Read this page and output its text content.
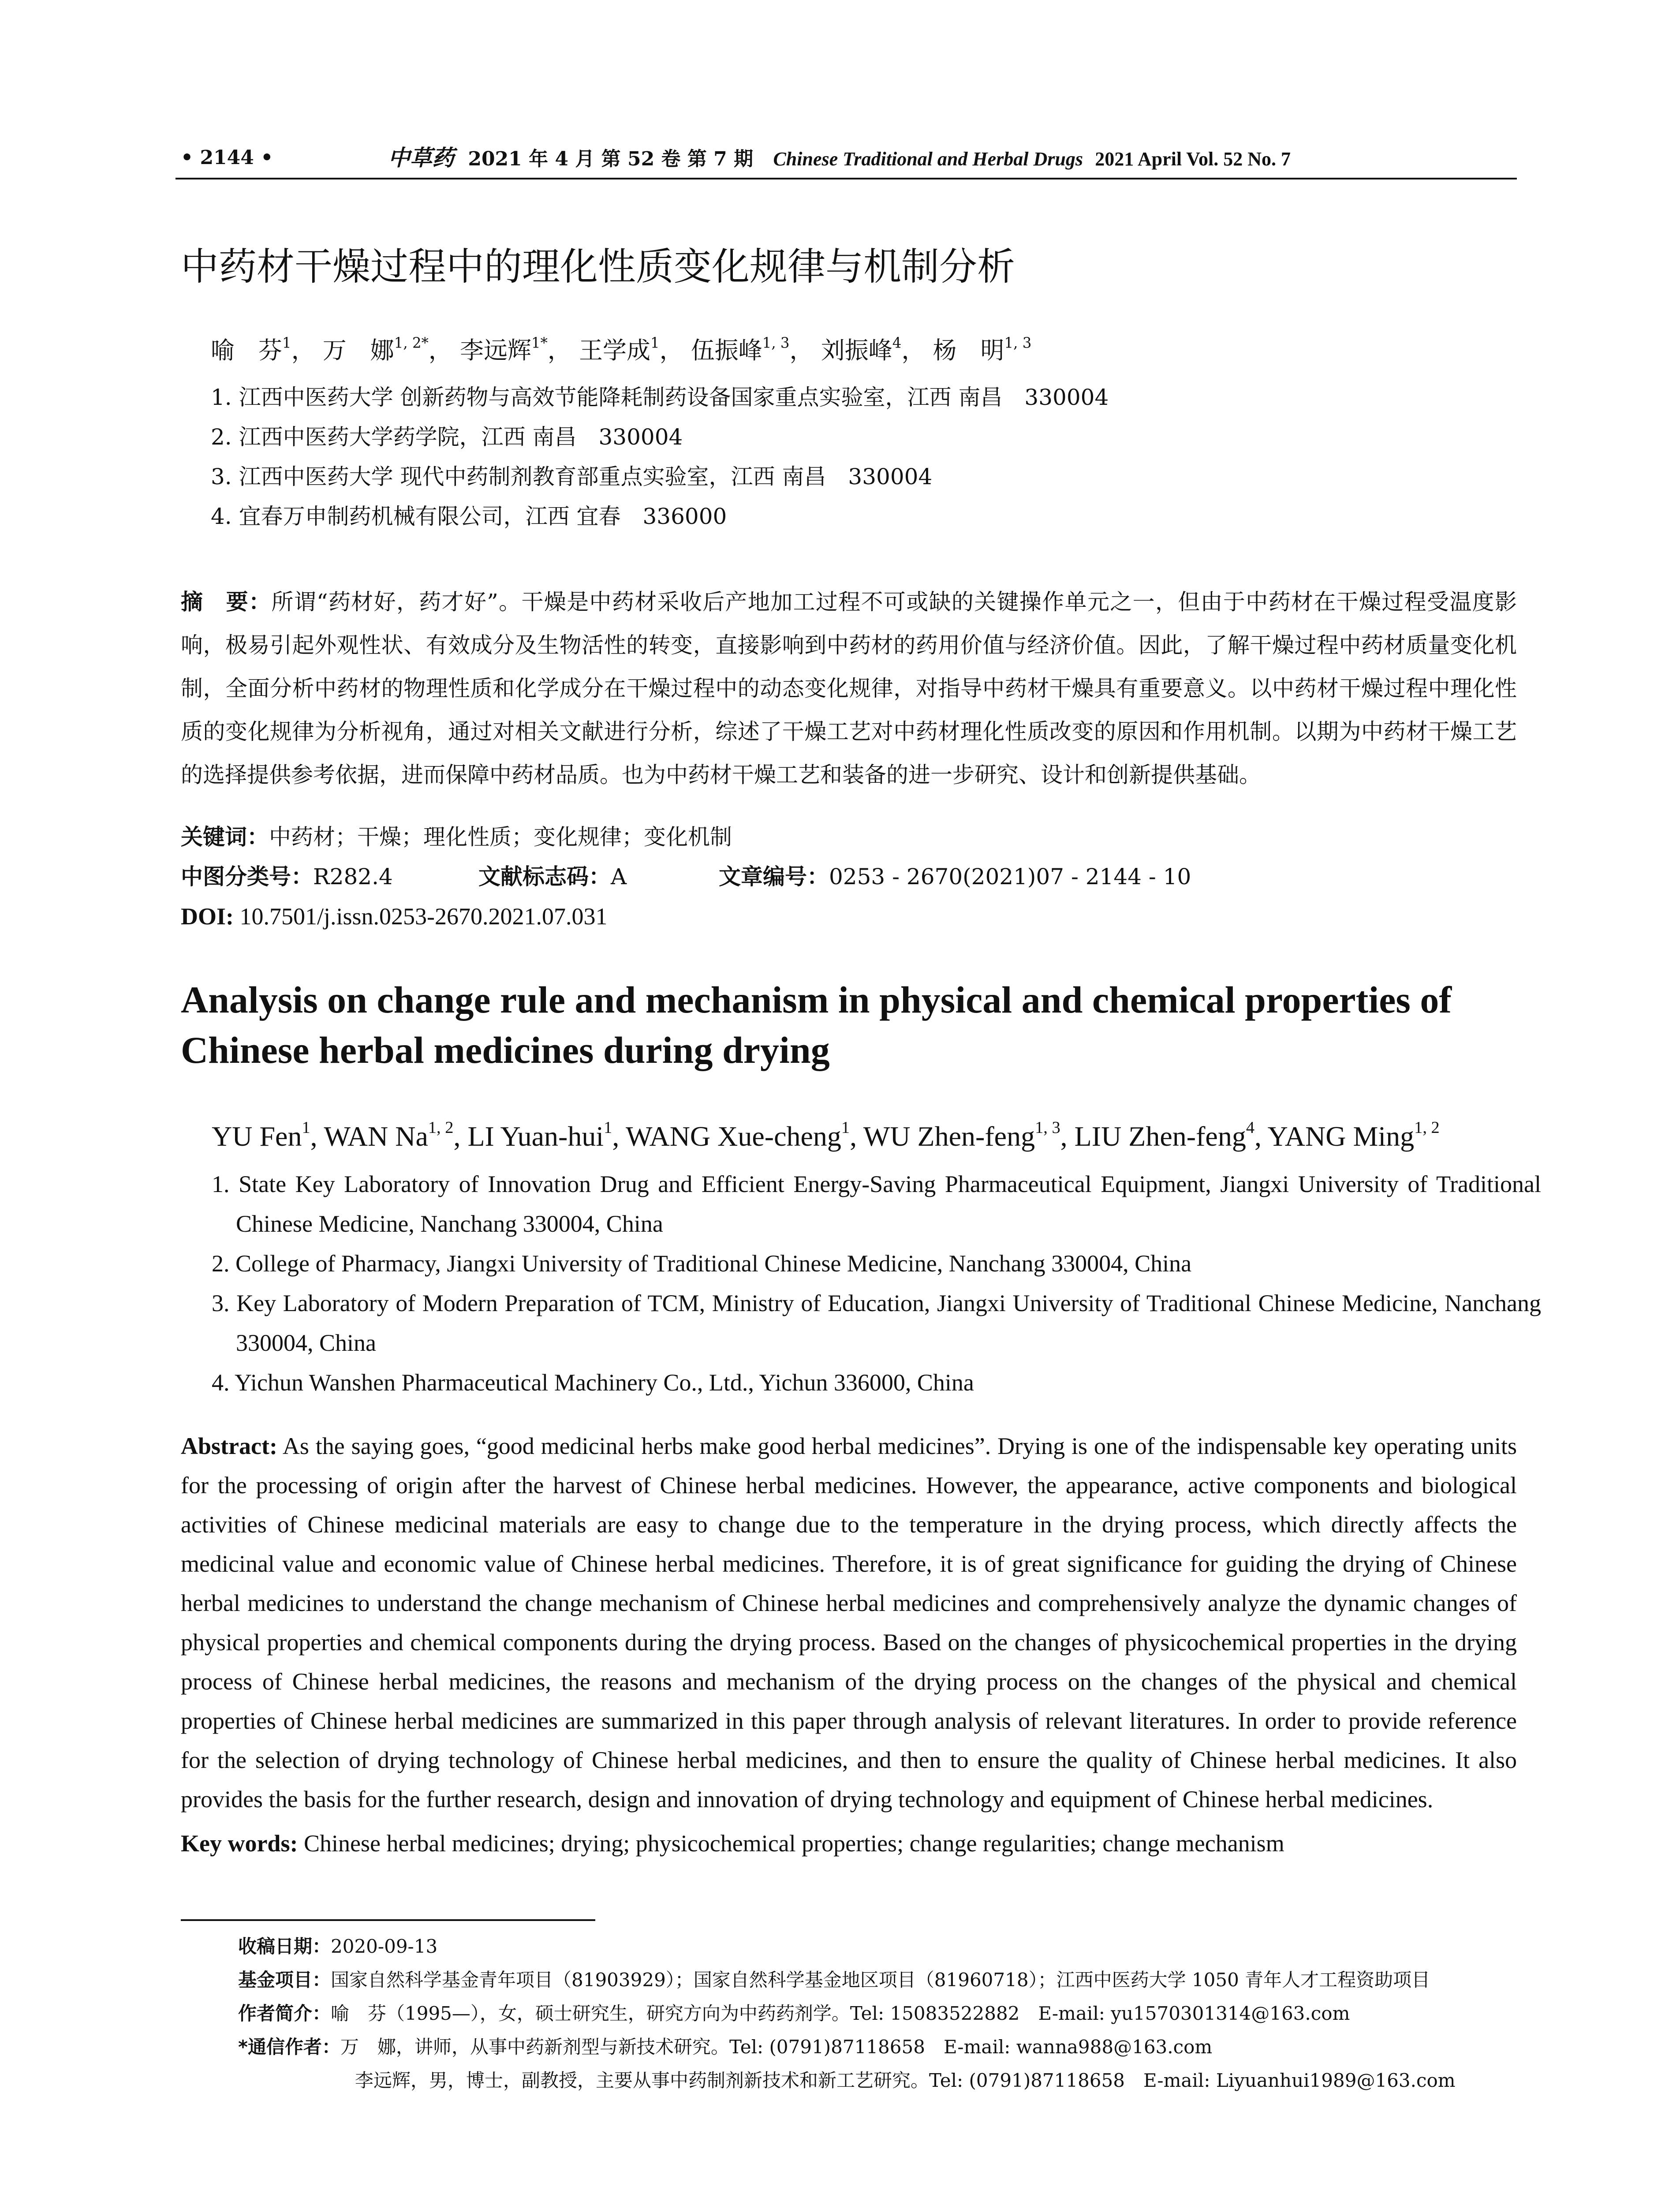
• 2144 •	中草药 2021 年 4 月 第 52 卷 第 7 期 Chinese Traditional and Herbal Drugs 2021 April Vol. 52 No. 7
中药材干燥过程中的理化性质变化规律与机制分析
喻　芬$^1$， 万　娜$^{1, 2*}$， 李远辉$^{1*}$， 王学成$^1$， 伍振峰$^{1, 3}$， 刘振峰$^4$， 杨　明$^{1, 3}$
1. 江西中医药大学 创新药物与高效节能降耗制药设备国家重点实验室，江西 南昌　330004
2. 江西中医药大学药学院，江西 南昌　330004
3. 江西中医药大学 现代中药制剂教育部重点实验室，江西 南昌　330004
4. 宜春万申制药机械有限公司，江西 宜春　336000
摘　要：所谓“药材好，药才好”。干燥是中药材采收后产地加工过程不可或缺的关键操作单元之一，但由于中药材在干燥过程受温度影响，极易引起外观性状、有效成分及生物活性的转变，直接影响到中药材的药用价值与经济价值。因此，了解干燥过程中药材质量变化机制，全面分析中药材的物理性质和化学成分在干燥过程中的动态变化规律，对指导中药材干燥具有重要意义。以中药材干燥过程中理化性质的变化规律为分析视角，通过对相关文献进行分析，综述了干燥工艺对中药材理化性质改变的原因和作用机制。以期为中药材干燥工艺的选择提供参考依据，进而保障中药材品质。也为中药材干燥工艺和装备的进一步研究、设计和创新提供基础。
关键词：中药材；干燥；理化性质；变化规律；变化机制
中图分类号：R282.4	文献标志码：A	文章编号：0253 - 2670(2021)07 - 2144 - 10
DOI: 10.7501/j.issn.0253-2670.2021.07.031
Analysis on change rule and mechanism in physical and chemical properties of
Chinese herbal medicines during drying
YU Fen$^1$, WAN Na$^{1, 2}$, LI Yuan-hui$^1$, WANG Xue-cheng$^1$, WU Zhen-feng$^{1, 3}$, LIU Zhen-feng$^4$, YANG Ming$^{1, 2}$
1. State Key Laboratory of Innovation Drug and Efficient Energy-Saving Pharmaceutical Equipment, Jiangxi University of Traditional Chinese Medicine, Nanchang 330004, China
2. College of Pharmacy, Jiangxi University of Traditional Chinese Medicine, Nanchang 330004, China
3. Key Laboratory of Modern Preparation of TCM, Ministry of Education, Jiangxi University of Traditional Chinese Medicine, Nanchang 330004, China
4. Yichun Wanshen Pharmaceutical Machinery Co., Ltd., Yichun 336000, China
Abstract: As the saying goes, “good medicinal herbs make good herbal medicines”. Drying is one of the indispensable key operating units for the processing of origin after the harvest of Chinese herbal medicines. However, the appearance, active components and biological activities of Chinese medicinal materials are easy to change due to the temperature in the drying process, which directly affects the medicinal value and economic value of Chinese herbal medicines. Therefore, it is of great significance for guiding the drying of Chinese herbal medicines to understand the change mechanism of Chinese herbal medicines and comprehensively analyze the dynamic changes of physical properties and chemical components during the drying process. Based on the changes of physicochemical properties in the drying process of Chinese herbal medicines, the reasons and mechanism of the drying process on the changes of the physical and chemical properties of Chinese herbal medicines are summarized in this paper through analysis of relevant literatures. In order to provide reference for the selection of drying technology of Chinese herbal medicines, and then to ensure the quality of Chinese herbal medicines. It also provides the basis for the further research, design and innovation of drying technology and equipment of Chinese herbal medicines.
Key words: Chinese herbal medicines; drying; physicochemical properties; change regularities; change mechanism
收稿日期：2020-09-13
基金项目：国家自然科学基金青年项目（81903929）；国家自然科学基金地区项目（81960718）；江西中医药大学 1050 青年人才工程资助项目
作者简介：喻　芬（1995—），女，硕士研究生，研究方向为中药药剂学。Tel: 15083522882　E-mail: yu1570301314@163.com
*通信作者：万　娜，讲师，从事中药新剂型与新技术研究。Tel: (0791)87118658　E-mail: wanna988@163.com
李远辉，男，博士，副教授，主要从事中药制剂新技术和新工艺研究。Tel: (0791)87118658　E-mail: Liyuanhui1989@163.com
